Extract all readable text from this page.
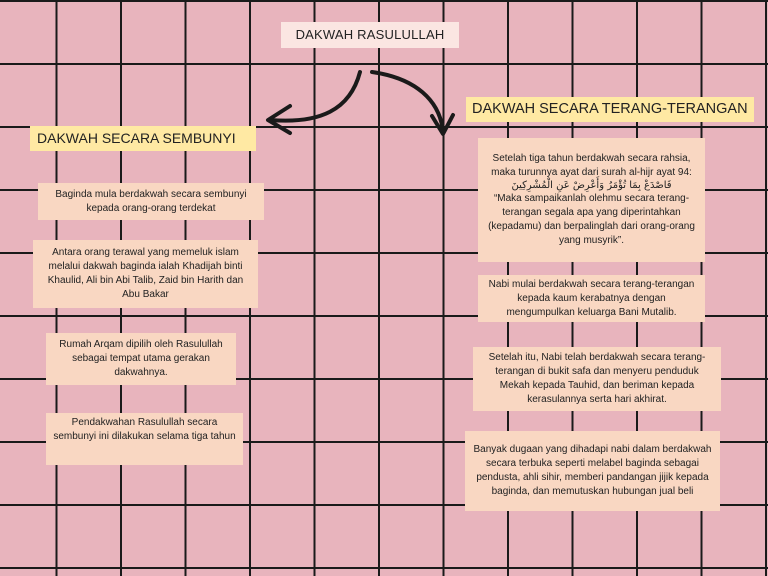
DAKWAH RASULULLAH
DAKWAH SECARA SEMBUNYI
Baginda mula berdakwah secara sembunyi kepada orang-orang terdekat
Antara orang terawal yang memeluk islam melalui dakwah baginda ialah Khadijah binti Khaulid, Ali bin Abi Talib, Zaid bin Harith dan Abu Bakar
Rumah Arqam dipilih oleh Rasulullah sebagai tempat utama gerakan dakwahnya.
Pendakwahan Rasulullah secara sembunyi ini dilakukan selama tiga tahun
DAKWAH SECARA TERANG-TERANGAN
Setelah tiga tahun berdakwah secara rahsia, maka turunnya ayat dari surah al-hijr ayat 94:
فَاصْدَعْ بِمَا تُؤْمَرُ وَأَعْرِضْ عَنِ الْمُشْرِكِينَ
“Maka sampaikanlah olehmu secara terang-terangan segala apa yang diperintahkan (kepadamu) dan berpalinglah dari orang-orang yang musyrik”.
Nabi mulai berdakwah secara terang-terangan kepada kaum kerabatnya dengan mengumpulkan keluarga Bani Mutalib.
Setelah itu, Nabi telah berdakwah secara terang-terangan di bukit safa dan menyeru penduduk Mekah kepada Tauhid, dan beriman kepada kerasulannya serta hari akhirat.
Banyak dugaan yang dihadapi nabi dalam berdakwah secara terbuka seperti melabel baginda sebagai pendusta, ahli sihir, memberi pandangan jijik kepada baginda, dan memutuskan hubungan jual beli
